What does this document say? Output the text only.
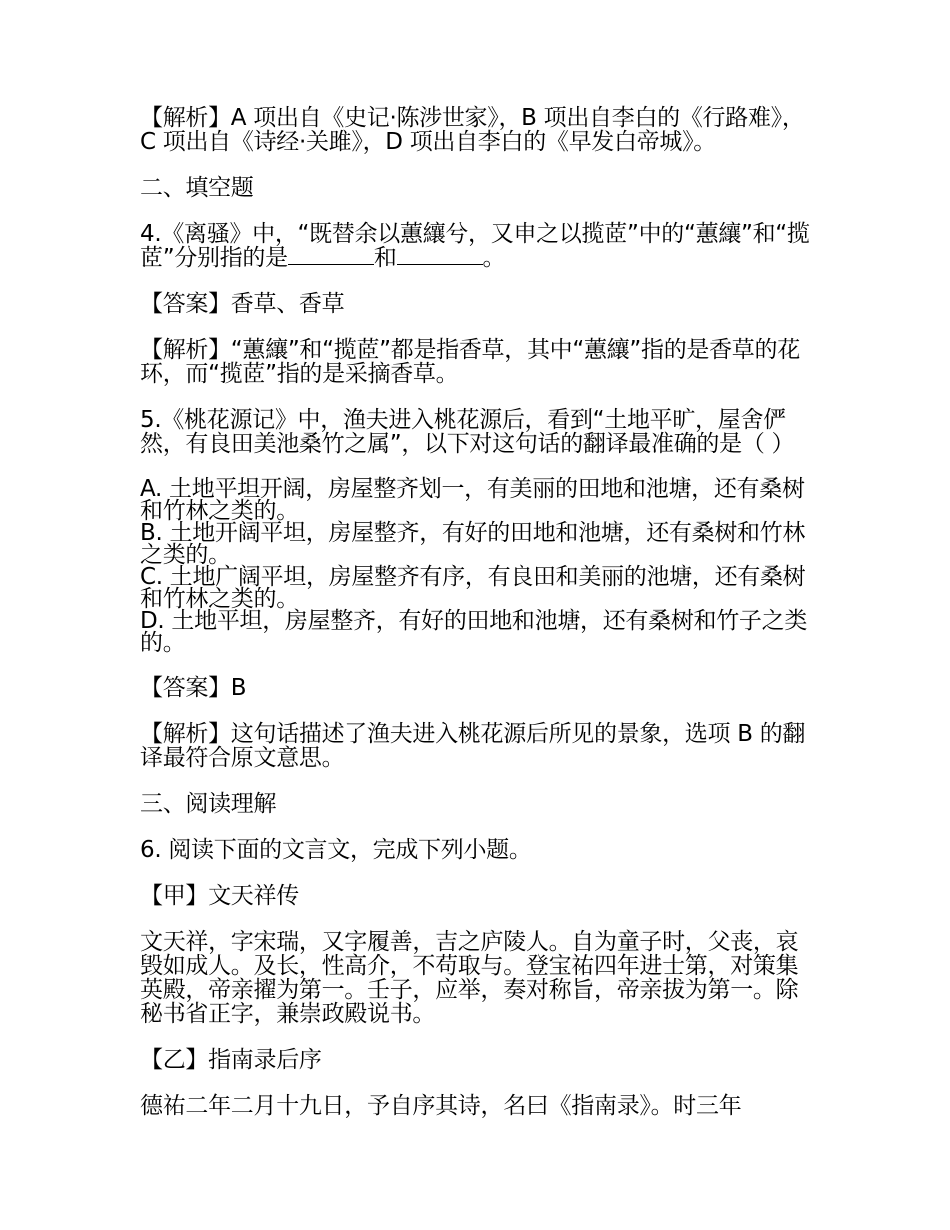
【解析】A 项出自《史记·陈涉世家》，B 项出自李白的《行路难》，C 项出自《诗经·关雎》，D 项出自李白的《早发白帝城》。

二、填空题

4.《离骚》中，“既替余以蕙纕兮，又申之以揽茝”中的“蕙纕”和“揽茝”分别指的是	和	。

【答案】香草、香草

【解析】“蕙纕”和“揽茝”都是指香草，其中“蕙纕”指的是香草的花环，而“揽茝”指的是采摘香草。

5.《桃花源记》中，渔夫进入桃花源后，看到“土地平旷，屋舍俨然，有良田美池桑竹之属”，以下对这句话的翻译最准确的是（ ）

A. 土地平坦开阔，房屋整齐划一，有美丽的田地和池塘，还有桑树和竹林之类的。

B. 土地开阔平坦，房屋整齐，有好的田地和池塘，还有桑树和竹林之类的。

C. 土地广阔平坦，房屋整齐有序，有良田和美丽的池塘，还有桑树和竹林之类的。

D. 土地平坦，房屋整齐，有好的田地和池塘，还有桑树和竹子之类的。

【答案】B

【解析】这句话描述了渔夫进入桃花源后所见的景象，选项 B 的翻译最符合原文意思。

三、阅读理解

6. 阅读下面的文言文，完成下列小题。

【甲】文天祥传

文天祥，字宋瑞，又字履善，吉之庐陵人。自为童子时，父丧，哀毁如成人。及长，性高介，不苟取与。登宝祐四年进士第，对策集英殿，帝亲擢为第一。壬子，应举，奏对称旨，帝亲拔为第一。除秘书省正字，兼崇政殿说书。

【乙】指南录后序

德祐二年二月十九日，予自序其诗，名曰《指南录》。时三年
